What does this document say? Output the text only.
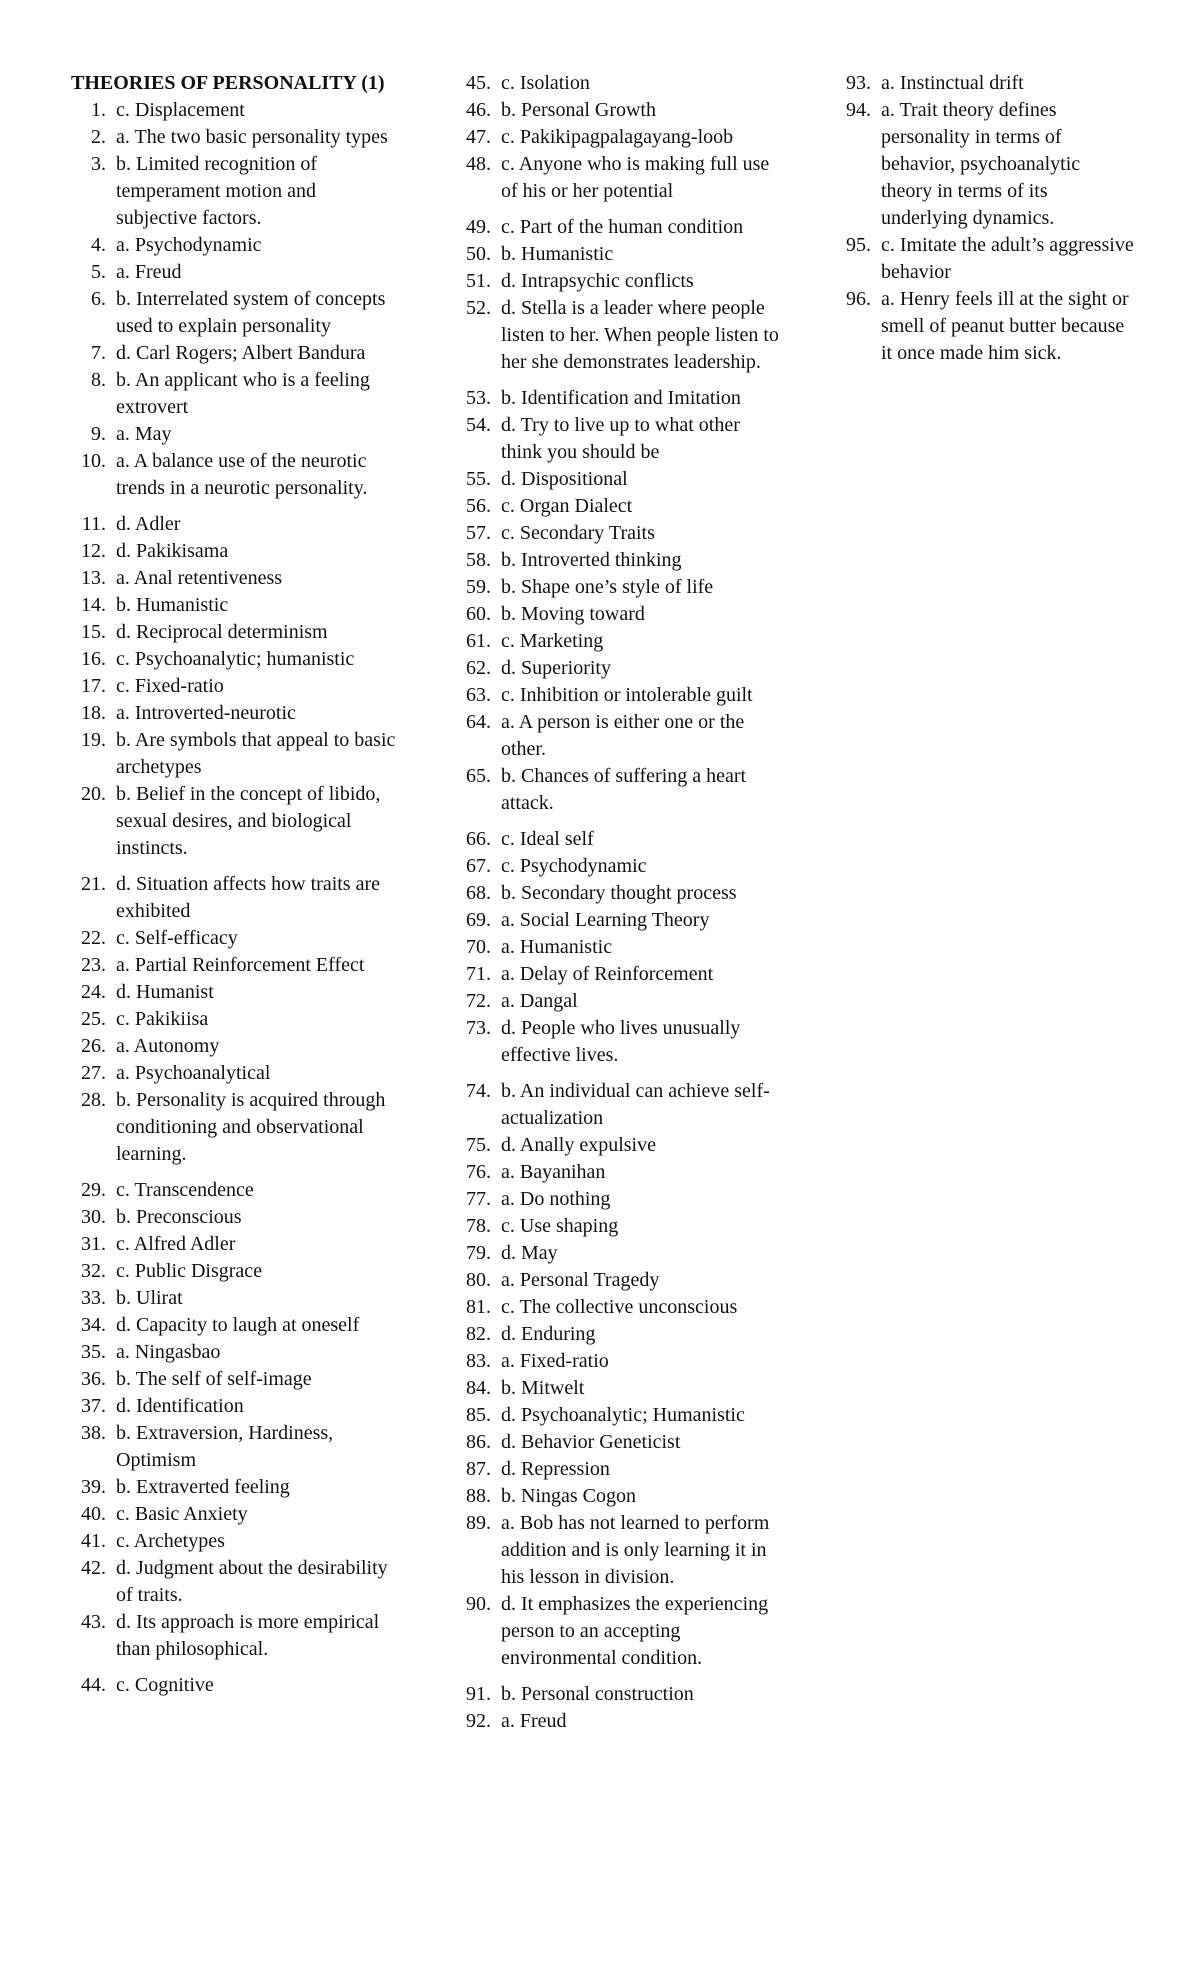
THEORIES OF PERSONALITY (1)
1. c. Displacement
2. a. The two basic personality types
3. b. Limited recognition of temperament motion and subjective factors.
4. a. Psychodynamic
5. a. Freud
6. b. Interrelated system of concepts used to explain personality
7. d. Carl Rogers; Albert Bandura
8. b. An applicant who is a feeling extrovert
9. a. May
10. a. A balance use of the neurotic trends in a neurotic personality.
11. d. Adler
12. d. Pakikisama
13. a. Anal retentiveness
14. b. Humanistic
15. d. Reciprocal determinism
16. c. Psychoanalytic; humanistic
17. c. Fixed-ratio
18. a. Introverted-neurotic
19. b. Are symbols that appeal to basic archetypes
20. b. Belief in the concept of libido, sexual desires, and biological instincts.
21. d. Situation affects how traits are exhibited
22. c. Self-efficacy
23. a. Partial Reinforcement Effect
24. d. Humanist
25. c. Pakikiisa
26. a. Autonomy
27. a. Psychoanalytical
28. b. Personality is acquired through conditioning and observational learning.
29. c. Transcendence
30. b. Preconscious
31. c. Alfred Adler
32. c. Public Disgrace
33. b. Ulirat
34. d. Capacity to laugh at oneself
35. a. Ningasbao
36. b. The self of self-image
37. d. Identification
38. b. Extraversion, Hardiness, Optimism
39. b. Extraverted feeling
40. c. Basic Anxiety
41. c. Archetypes
42. d. Judgment about the desirability of traits.
43. d. Its approach is more empirical than philosophical.
44. c. Cognitive
45. c. Isolation
46. b. Personal Growth
47. c. Pakikipagpalagayang-loob
48. c. Anyone who is making full use of his or her potential
49. c. Part of the human condition
50. b. Humanistic
51. d. Intrapsychic conflicts
52. d. Stella is a leader where people listen to her. When people listen to her she demonstrates leadership.
53. b. Identification and Imitation
54. d. Try to live up to what other think you should be
55. d. Dispositional
56. c. Organ Dialect
57. c. Secondary Traits
58. b. Introverted thinking
59. b. Shape one’s style of life
60. b. Moving toward
61. c. Marketing
62. d. Superiority
63. c. Inhibition or intolerable guilt
64. a. A person is either one or the other.
65. b. Chances of suffering a heart attack.
66. c. Ideal self
67. c. Psychodynamic
68. b. Secondary thought process
69. a. Social Learning Theory
70. a. Humanistic
71. a. Delay of Reinforcement
72. a. Dangal
73. d. People who lives unusually effective lives.
74. b. An individual can achieve self-actualization
75. d. Anally expulsive
76. a. Bayanihan
77. a. Do nothing
78. c. Use shaping
79. d. May
80. a. Personal Tragedy
81. c. The collective unconscious
82. d. Enduring
83. a. Fixed-ratio
84. b. Mitwelt
85. d. Psychoanalytic; Humanistic
86. d. Behavior Geneticist
87. d. Repression
88. b. Ningas Cogon
89. a. Bob has not learned to perform addition and is only learning it in his lesson in division.
90. d. It emphasizes the experiencing person to an accepting environmental condition.
91. b. Personal construction
92. a. Freud
93. a. Instinctual drift
94. a. Trait theory defines personality in terms of behavior, psychoanalytic theory in terms of its underlying dynamics.
95. c. Imitate the adult’s aggressive behavior
96. a. Henry feels ill at the sight or smell of peanut butter because it once made him sick.
